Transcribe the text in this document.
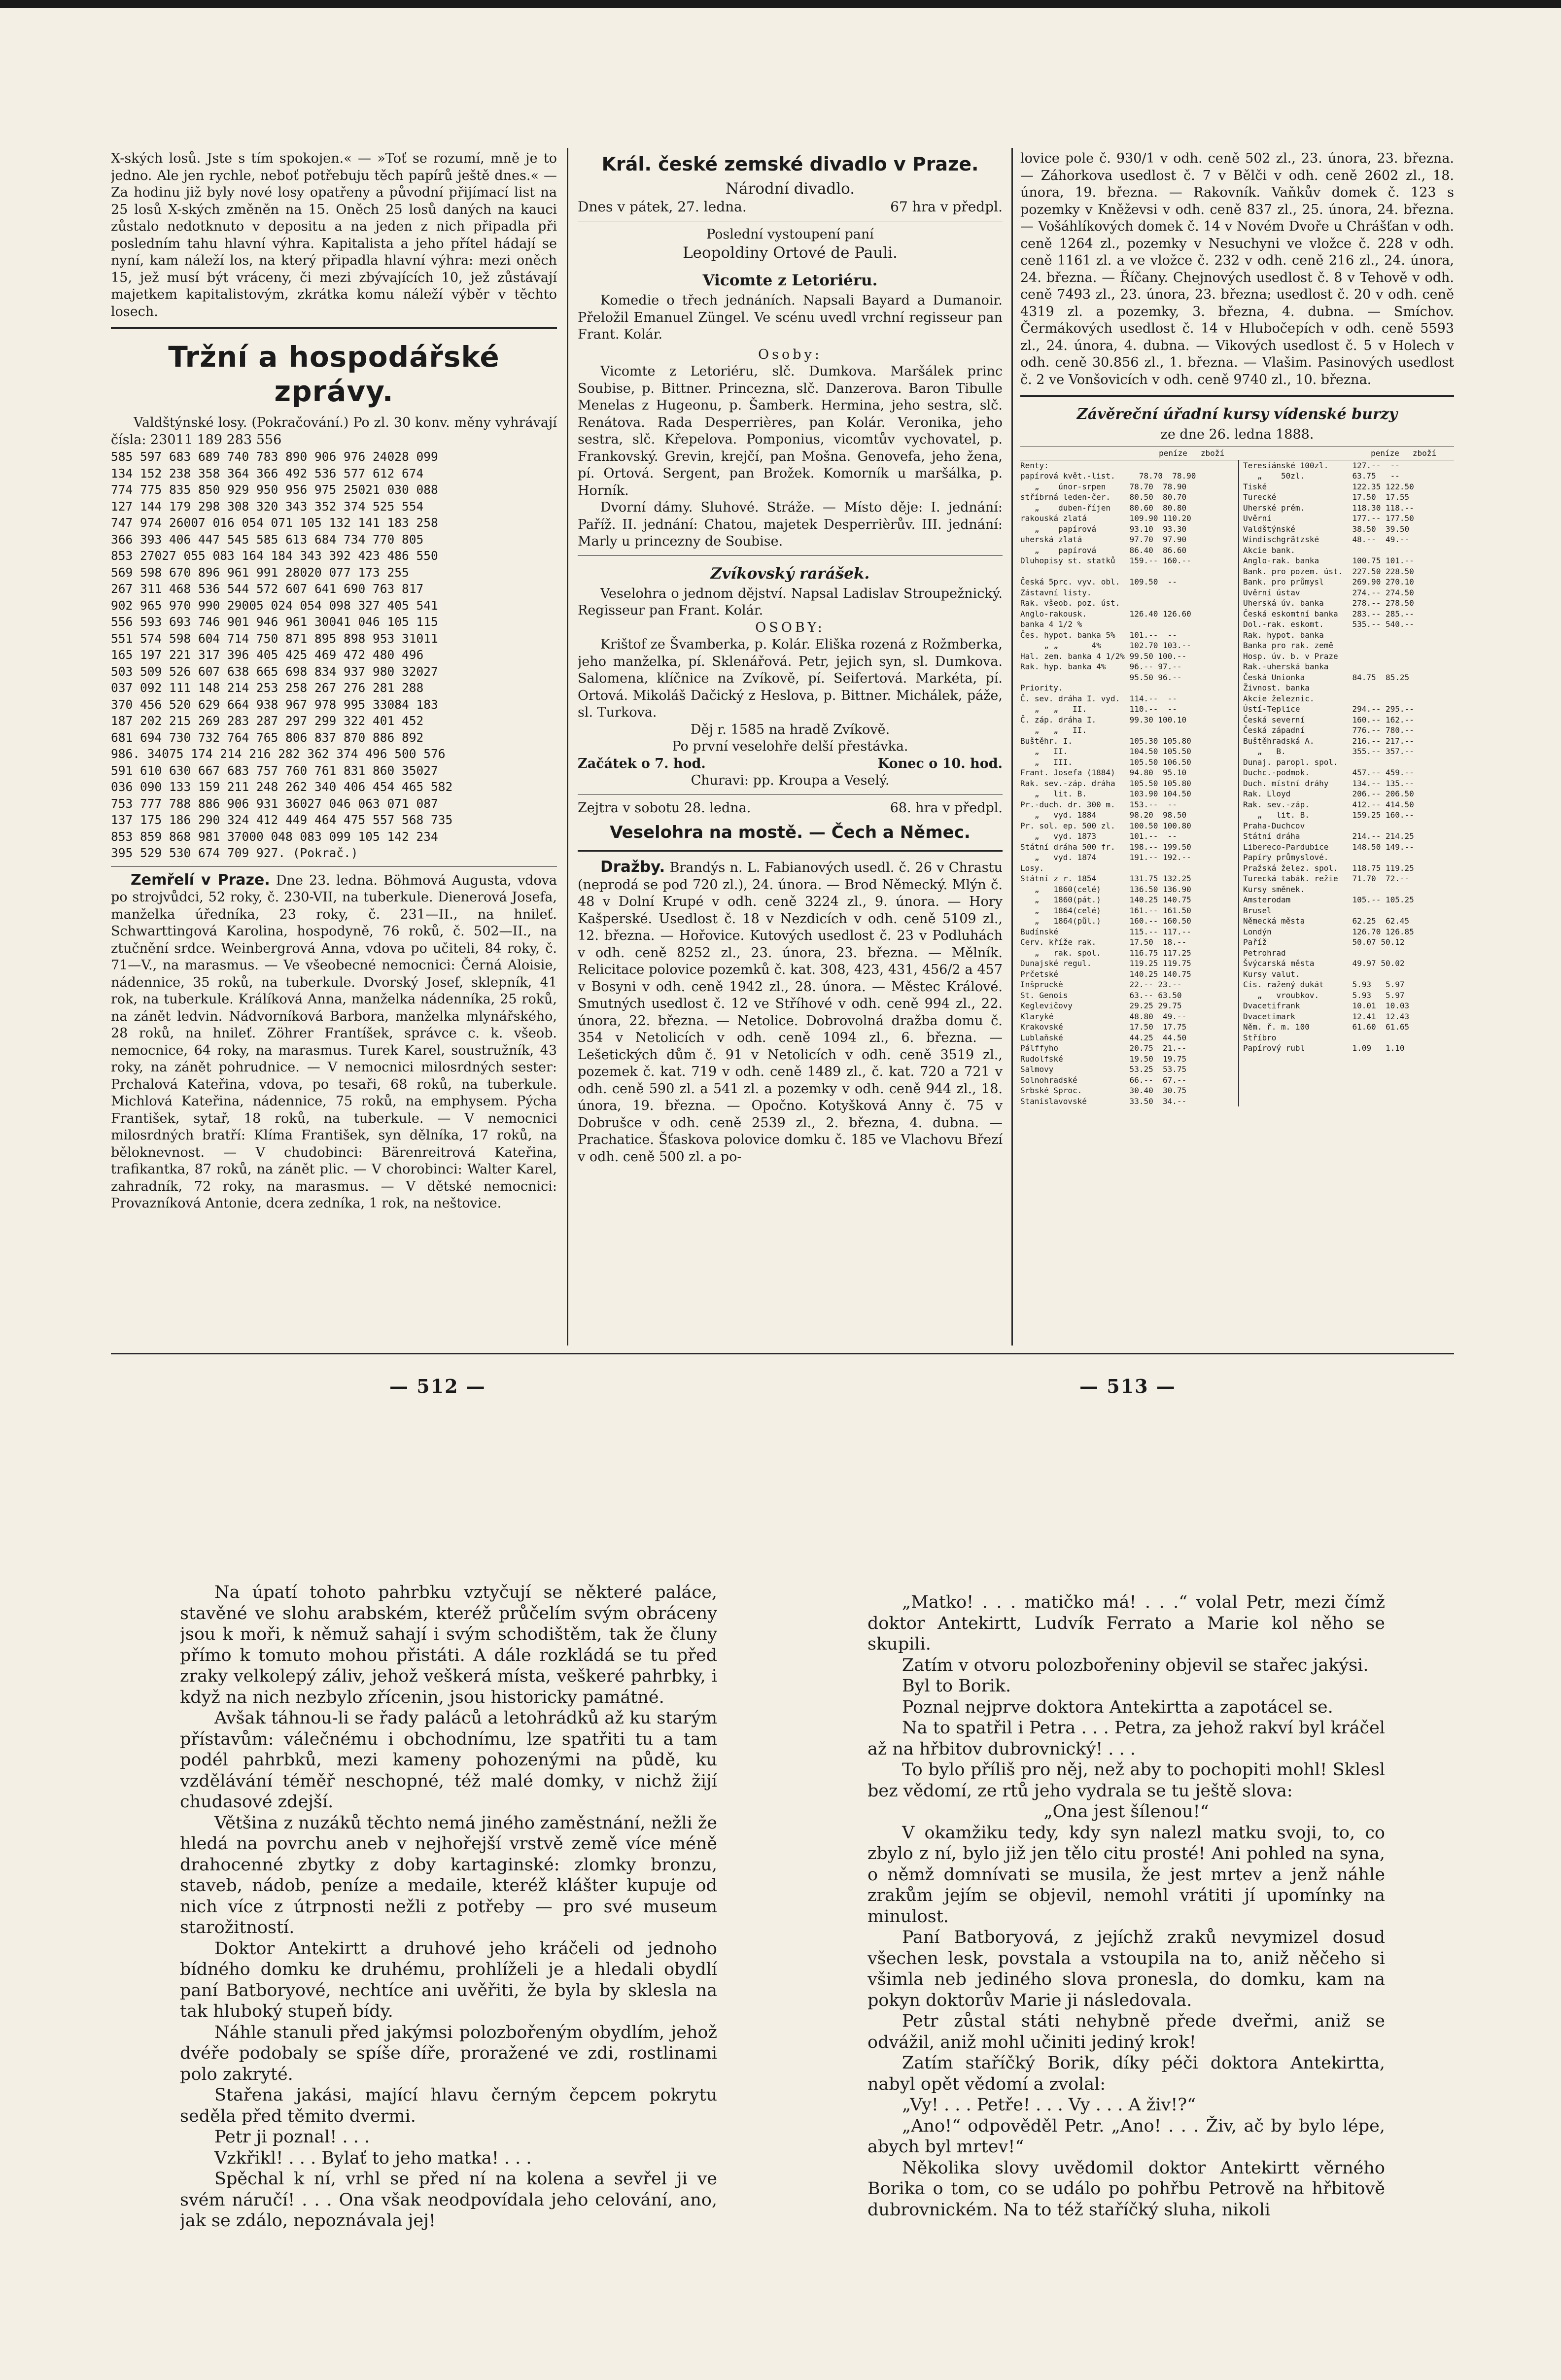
X-ských losů. Jste s tím spokojen.« — »Toť se rozumí, mně je to jedno. Ale jen rychle, neboť potřebuju těch papírů ještě dnes.« — Za hodinu již byly nové losy opatřeny a původní přijímací list na 25 losů X-ských změněn na 15. Oněch 25 losů daných na kauci zůstalo nedotknuto v depositu a na jeden z nich připadla při posledním tahu hlavní výhra. Kapitalista a jeho přítel hádají se nyní, kam náleží los, na který připadla hlavní výhra: mezi oněch 15, jež musí být vráceny, či mezi zbývajících 10, jež zůstávají majetkem kapitalistovým, zkrátka komu náleží výběr v těchto losech.

Tržní a hospodářské zprávy.

Valdštýnské losy. (Pokračování.) Po zl. 30 konv. měny vyhrávají čísla: 23011 189 283 556

585 597 683 689 740 783 890 906 976 24028 099
134 152 238 358 364 366 492 536 577 612 674
774 775 835 850 929 950 956 975 25021 030 088
127 144 179 298 308 320 343 352 374 525 554
747 974 26007 016 054 071 105 132 141 183 258
366 393 406 447 545 585 613 684 734 770 805
853 27027 055 083 164 184 343 392 423 486 550
569 598 670 896 961 991 28020 077 173 255
267 311 468 536 544 572 607 641 690 763 817
902 965 970 990 29005 024 054 098 327 405 541
556 593 693 746 901 946 961 30041 046 105 115
551 574 598 604 714 750 871 895 898 953 31011
165 197 221 317 396 405 425 469 472 480 496
503 509 526 607 638 665 698 834 937 980 32027
037 092 111 148 214 253 258 267 276 281 288
370 456 520 629 664 938 967 978 995 33084 183
187 202 215 269 283 287 297 299 322 401 452
681 694 730 732 764 765 806 837 870 886 892
986. 34075 174 214 216 282 362 374 496 500 576
591 610 630 667 683 757 760 761 831 860 35027
036 090 133 159 211 248 262 340 406 454 465 582
753 777 788 886 906 931 36027 046 063 071 087
137 175 186 290 324 412 449 464 475 557 568 735
853 859 868 981 37000 048 083 099 105 142 234
395 529 530 674 709 927. (Pokrač.)

Zemřelí v Praze. Dne 23. ledna. Böhmová Augusta, vdova po strojvůdci, 52 roky, č. 230-VII, na tuberkule. Dienerová Josefa, manželka úředníka, 23 roky, č. 231—II., na hnileť. Schwarttingová Karolina, hospodyně, 76 roků, č. 502—II., na ztučnění srdce. Weinbergrová Anna, vdova po učiteli, 84 roky, č. 71—V., na marasmus. — Ve všeobecné nemocnici: Černá Aloisie, nádennice, 35 roků, na tuberkule. Dvorský Josef, sklepník, 41 rok, na tuberkule. Králíková Anna, manželka nádenníka, 25 roků, na zánět ledvin. Nádvorníková Barbora, manželka mlynářského, 28 roků, na hnileť. Zöhrer Frantíšek, správce c. k. všeob. nemocnice, 64 roky, na marasmus. Turek Karel, soustružník, 43 roky, na zánět pohrudnice. — V nemocnici milosrdných sester: Prchalová Kateřina, vdova, po tesaři, 68 roků, na tuberkule. Michlová Kateřina, nádennice, 75 roků, na emphysem. Pýcha František, sytař, 18 roků, na tuberkule. — V nemocnici milosrdných bratří: Klíma František, syn dělníka, 17 roků, na běloknevnost. — V chudobinci: Bärenreitrová Kateřina, trafikantka, 87 roků, na zánět plic. — V chorobinci: Walter Karel, zahradník, 72 roky, na marasmus. — V dětské nemocnici: Provazníková Antonie, dcera zedníka, 1 rok, na neštovice.

Král. české zemské divadlo v Praze.

Národní divadlo.

Dnes v pátek, 27. ledna.	67 hra v předpl.

Poslední vystoupení paní

Leopoldiny Ortové de Pauli.

Vicomte z Letoriéru.

Komedie o třech jednáních. Napsali Bayard a Dumanoir. Přeložil Emanuel Züngel. Ve scénu uvedl vrchní regisseur pan Frant. Kolár.

Osoby:

Vicomte z Letoriéru, slč. Dumkova. Maršálek princ Soubise, p. Bittner. Princezna, slč. Danzerova. Baron Tibulle Menelas z Hugeonu, p. Šamberk. Hermina, jeho sestra, slč. Renátova. Rada Desperrières, pan Kolár. Veronika, jeho sestra, slč. Křepelova. Pomponius, vicomtův vychovatel, p. Frankovský. Grevin, krejčí, pan Mošna. Genovefa, jeho žena, pí. Ortová. Sergent, pan Brožek. Komorník u maršálka, p. Horník.

Dvorní dámy. Sluhové. Stráže. — Místo děje: I. jednání: Paříž. II. jednání: Chatou, majetek Desperrièrův. III. jednání: Marly u princezny de Soubise.

Zvíkovský rarášek.

Veselohra o jednom dějství. Napsal Ladislav Stroupežnický. Regisseur pan Frant. Kolár.

OSOBY:

Krištof ze Švamberka, p. Kolár. Eliška rozená z Rožmberka, jeho manželka, pí. Sklenářová. Petr, jejich syn, sl. Dumkova. Salomena, klíčnice na Zvíkově, pí. Seifertová. Markéta, pí. Ortová. Mikoláš Dačický z Heslova, p. Bittner. Michálek, páže, sl. Turkova.

Děj r. 1585 na hradě Zvíkově.

Po první veselohře delší přestávka.

Začátek o 7. hod.	Konec o 10. hod.

Churavi: pp. Kroupa a Veselý.

Zejtra v sobotu 28. ledna.	68. hra v předpl.
Veselohra na mostě. — Čech a Němec.

Dražby. Brandýs n. L. Fabianových usedl. č. 26 v Chrastu (neprodá se pod 720 zl.), 24. února. — Brod Německý. Mlýn č. 48 v Dolní Krupé v odh. ceně 3224 zl., 9. února. — Hory Kašperské. Usedlost č. 18 v Nezdicích v odh. ceně 5109 zl., 12. března. — Hořovice. Kutových usedlost č. 23 v Podluhách v odh. ceně 8252 zl., 23. února, 23. března. — Mělník. Relicitace polovice pozemků č. kat. 308, 423, 431, 456/2 a 457 v Bosyni v odh. ceně 1942 zl., 28. února. — Městec Králové. Smutných usedlost č. 12 ve Stříhové v odh. ceně 994 zl., 22. února, 22. března. — Netolice. Dobrovolná dražba domu č. 354 v Netolicích v odh. ceně 1094 zl., 6. března. — Lešetických dům č. 91 v Netolicích v odh. ceně 3519 zl., pozemek č. kat. 719 v odh. ceně 1489 zl., č. kat. 720 a 721 v odh. ceně 590 zl. a 541 zl. a pozemky v odh. ceně 944 zl., 18. února, 19. března. — Opočno. Kotyšková Anny č. 75 v Dobrušce v odh. ceně 2539 zl., 2. března, 4. dubna. — Prachatice. Šťaskova polovice domku č. 185 ve Vlachovu Březí v odh. ceně 500 zl. a po-

lovice pole č. 930/1 v odh. ceně 502 zl., 23. února, 23. března. — Záhorkova usedlost č. 7 v Bělči v odh. ceně 2602 zl., 18. února, 19. března. — Rakovník. Vaňkův domek č. 123 s pozemky v Kněževsi v odh. ceně 837 zl., 25. února, 24. března. — Vošáhlíkových domek č. 14 v Novém Dvoře u Chrášťan v odh. ceně 1264 zl., pozemky v Nesuchyni ve vložce č. 228 v odh. ceně 1161 zl. a ve vložce č. 232 v odh. ceně 216 zl., 24. února, 24. března. — Říčany. Chejnových usedlost č. 8 v Tehově v odh. ceně 7493 zl., 23. února, 23. března; usedlost č. 20 v odh. ceně 4319 zl. a pozemky, 3. března, 4. dubna. — Smíchov. Čermákových usedlost č. 14 v Hlubočepích v odh. ceně 5593 zl., 24. února, 4. dubna. — Vikových usedlost č. 5 v Holech v odh. ceně 30.856 zl., 1. března. — Vlašim. Pasinových usedlost č. 2 ve Vonšovicích v odh. ceně 9740 zl., 10. března.

Závěreční úřadní kursy vídenské burzy

ze dne 26. ledna 1888.

peníze	zboží	peníze	zboží
Renty:
papírová květ.-list.     78.70  78.90
„    únor-srpen     78.70  78.90
stříbrná leden-čer.    80.50  80.70
„    duben-říjen    80.60  80.80
rakouská zlatá         109.90 110.20
„    papírová       93.10  93.30
uherská zlatá          97.70  97.90
„    papírová       86.40  86.60
Dluhopisy st. statků   159.-- 160.--

Česká 5prc. vyv. obl.  109.50  --
Zástavní listy.
Rak. všeob. poz. úst.
Anglo-rakousk.         126.40 126.60
banka 4 1/2 %
Čes. hypot. banka 5%   101.--  --
„ „       4%      102.70 103.--
Hal. zem. banka 4 1/2% 99.50 100.--
Rak. hyp. banka 4%     96.-- 97.--
95.50 96.--
Priority.
Č. sev. dráha I. vyd.  114.--  --
„   „   II.         110.--  --
Č. záp. dráha I.       99.30 100.10
„   „   II.
Buštěhr. I.            105.30 105.80
„   II.             104.50 105.50
„   III.            105.50 106.50
Frant. Josefa (1884)   94.80  95.10
Rak. sev.-záp. dráha   105.50 105.80
„   lit. B.         103.90 104.50
Pr.-duch. dr. 300 m.   153.--  --
„   vyd. 1884       98.20  98.50
Pr. sol. ep. 500 zl.   100.50 100.80
„   vyd. 1873       101.--  --
Státní dráha 500 fr.   198.-- 199.50
„   vyd. 1874       191.-- 192.--
Losy.
Státní z r. 1854       131.75 132.25
„   1860(celé)      136.50 136.90
„   1860(pát.)      140.25 140.75
„   1864(celé)      161.-- 161.50
„   1864(půl.)      160.-- 160.50
Budínské               115.-- 117.--
Cerv. kříže rak.       17.50  18.--
„   rak. spol.      116.75 117.25
Dunajské regul.        119.25 119.75
Prčetské               140.25 140.75
Inšpruckė              22.-- 23.--
St. Genois             63.-- 63.50
Keglevičovy            29.25 29.75
Klaryké                48.80  49.--
Krakovské              17.50  17.75
Lublaňské              44.25  44.50
Pálffyho               20.75  21.--
Rudolfské              19.50  19.75
Salmovy                53.25  53.75
Solnohradské           66.--  67.--
Srbské Sproc.          30.40  30.75
Stanislavovské         33.50  34.--
Teresiánské 100zl.     127.--  --
„    50zl.          63.75   --
Tiské                  122.35 122.50
Turecké                17.50  17.55
Uherské prém.          118.30 118.--
Uvěrní                 177.-- 177.50
Valdštýnské            38.50  39.50
Windischgrätzské       48.--  49.--
Akcie bank.
Anglo-rak. banka       100.75 101.--
Bank. pro pozem. úst.  227.50 228.50
Bank. pro průmysl      269.90 270.10
Uvěrní ústav           274.-- 274.50
Uherská úv. banka      278.-- 278.50
Česká eskomtní banka   283.-- 285.--
Dol.-rak. eskomt.      535.-- 540.--
Rak. hypot. banka
Banka pro rak. země
Hosp. úv. b. v Praze
Rak.-uherská banka
Česká Unionka          84.75  85.25
Živnost. banka
Akcie železnic.
Ústí-Teplice           294.-- 295.--
Česká severní          160.-- 162.--
Česká západní          776.-- 780.--
Buštěhradská A.        216.-- 217.--
„   B.              355.-- 357.--
Dunaj. paropl. spol.
Duchc.-podmok.         457.-- 459.--
Duch. místní dráhy     134.-- 135.--
Rak. Lloyd             206.-- 206.50
Rak. sev.-záp.         412.-- 414.50
„   lit. B.         159.25 160.--
Praha-Duchcov
Státní dráha           214.-- 214.25
Libereco-Pardubice     148.50 149.--
Papíry průmyslové.
Pražská želez. spol.   118.75 119.25
Turecká tabák. režie   71.70  72.--
Kursy směnek.
Amsterodam             105.-- 105.25
Brusel
Německá města          62.25  62.45
Londýn                 126.70 126.85
Paříž                  50.07 50.12
Petrohrad
Švýcarská města        49.97 50.02
Kursy valut.
Cís. ražený dukát      5.93   5.97
„   vroubkov.       5.93   5.97
Dvacetifrank           10.01  10.03
Dvacetimark            12.41  12.43
Něm. ř. m. 100         61.60  61.65
Stříbro
Papírový rubl          1.09   1.10
— 512 —	— 513 —

Na úpatí tohoto pahrbku vztyčují se některé paláce, stavěné ve slohu arabském, kteréž průčelím svým obráceny jsou k moři, k němuž sahají i svým schodištěm, tak že čluny přímo k tomuto mohou přistáti. A dále rozkládá se tu před zraky velkolepý záliv, jehož veškerá místa, veškeré pahrbky, i když na nich nezbylo zřícenin, jsou historicky památné.

Avšak táhnou-li se řady paláců a letohrádků až ku starým přístavům: válečnému i obchodnímu, lze spatřiti tu a tam podél pahrbků, mezi kameny pohozenými na půdě, ku vzdělávání téměř neschopné, též malé domky, v nichž žijí chudasové zdejší.

Většina z nuzáků těchto nemá jiného zaměstnání, nežli že hledá na povrchu aneb v nejhořejší vrstvě země více méně drahocenné zbytky z doby kartaginské: zlomky bronzu, staveb, nádob, peníze a medaile, kteréž klášter kupuje od nich více z útrpnosti nežli z potřeby — pro své museum starožitností.

Doktor Antekirtt a druhové jeho kráčeli od jednoho bídného domku ke druhému, prohlíželi je a hledali obydlí paní Batboryové, nechtíce ani uvěřiti, že byla by sklesla na tak hluboký stupeň bídy.

Náhle stanuli před jakýmsi polozbořeným obydlím, jehož dvéře podobaly se spíše díře, proražené ve zdi, rostlinami polo zakryté.

Stařena jakási, mající hlavu černým čepcem pokrytu seděla před těmito dvermi.

Petr ji poznal! . . .

Vzkřikl! . . . Bylať to jeho matka! . . .

Spěchal k ní, vrhl se před ní na kolena a sevřel ji ve svém náručí! . . . Ona však neodpovídala jeho celování, ano, jak se zdálo, nepoznávala jej!

„Matko! . . . matičko má! . . .“ volal Petr, mezi čímž doktor Antekirtt, Ludvík Ferrato a Marie kol něho se skupili.

Zatím v otvoru polozbořeniny objevil se stařec jakýsi.

Byl to Borik.

Poznal nejprve doktora Antekirtta a zapotácel se.

Na to spatřil i Petra . . . Petra, za jehož rakví byl kráčel až na hřbitov dubrovnický! . . .

To bylo příliš pro něj, než aby to pochopiti mohl! Sklesl bez vědomí, ze rtů jeho vydrala se tu ještě slova:

„Ona jest šílenou!“

V okamžiku tedy, kdy syn nalezl matku svoji, to, co zbylo z ní, bylo již jen tělo citu prosté! Ani pohled na syna, o němž domnívati se musila, že jest mrtev a jenž náhle zrakům jejím se objevil, nemohl vrátiti jí upomínky na minulost.

Paní Batboryová, z jejíchž zraků nevymizel dosud všechen lesk, povstala a vstoupila na to, aniž něčeho si všimla neb jediného slova pronesla, do domku, kam na pokyn doktorův Marie ji následovala.

Petr zůstal státi nehybně přede dveřmi, aniž se odvážil, aniž mohl učiniti jediný krok!

Zatím staříčký Borik, díky péči doktora Antekirtta, nabyl opět vědomí a zvolal:

„Vy! . . . Petře! . . . Vy . . . A živ!?“

„Ano!“ odpověděl Petr. „Ano! . . . Živ, ač by bylo lépe, abych byl mrtev!“

Několika slovy uvědomil doktor Antekirtt věrného Borika o tom, co se událo po pohřbu Petrově na hřbitově dubrovnickém. Na to též staříčký sluha, nikoli
